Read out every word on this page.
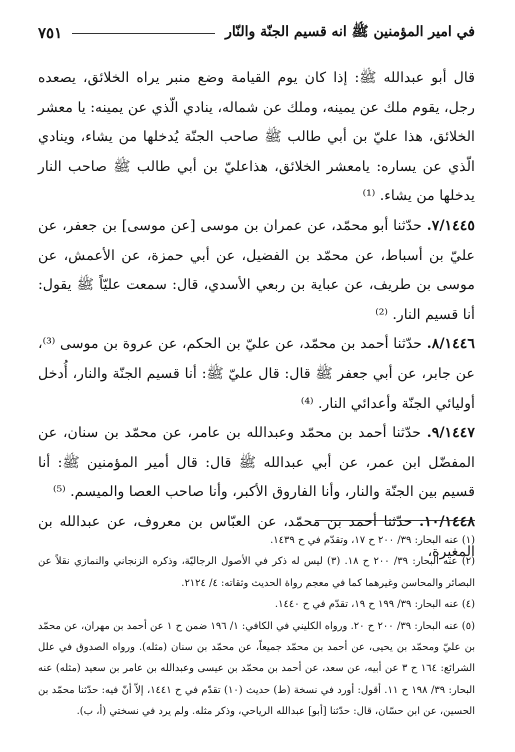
في امير المؤمنين ﷺ انه قسيم الجنّة والنّار
٧٥١

قال أبو عبدالله ﷺ: إذا كان يوم القيامة وضع منبر يراه الخلائق، يصعده رجل، يقوم ملك عن يمينه، وملك عن شماله، ينادي الّذي عن يمينه: يا معشر الخلائق، هذا عليّ بن أبي طالب ﷺ صاحب الجنّة يُدخلها من يشاء، وينادي الّذي عن يساره: يامعشر الخلائق، هذاعليّ بن أبي طالب ﷺ صاحب النار يدخلها من يشاء. ⁽¹⁾

٧/١٤٤٥. حدّثنا أبو محمّد، عن عمران بن موسى [عن موسى] بن جعفر، عن عليّ بن أسباط، عن محمّد بن الفضيل، عن أبي حمزة، عن الأعمش، عن موسى بن طريف، عن عباية بن ربعي الأسدي، قال: سمعت عليّاً ﷺ يقول: أنا قسيم النار. ⁽²⁾

٨/١٤٤٦. حدّثنا أحمد بن محمّد، عن عليّ بن الحكم، عن عروة بن موسى ⁽³⁾، عن جابر، عن أبي جعفر ﷺ قال: قال عليّ ﷺ: أنا قسيم الجنّة والنار، أُدخل أوليائي الجنّة وأعدائي النار. ⁽⁴⁾

٩/١٤٤٧. حدّثنا أحمد بن محمّد وعبدالله بن عامر، عن محمّد بن سنان، عن المفضّل ابن عمر، عن أبي عبدالله ﷺ قال: قال أمير المؤمنين ﷺ: أنا قسيم بين الجنّة والنار، وأنا الفاروق الأكبر، وأنا صاحب العصا والميسم. ⁽⁵⁾

١٠/١٤٤٨. حدّثنا أحمد بن محمّد، عن العبّاس بن معروف، عن عبدالله بن المغيرة،

(١) عنه البحار: ٣٩/ ٢٠٠ ح ١٧، وتقدّم في ح ١٤٣٩.

(٢) عنه البحار: ٣٩/ ٢٠٠ ح ١٨. (٣) ليس له ذكر في الأصول الرجاليّة، وذكره الزنجاني والنمازي نقلاً عن البصائر والمحاسن وغيرهما كما في معجم رواة الحديث وثقاته: ٤/ ٢١٢٤.

(٤) عنه البحار: ٣٩/ ١٩٩ ح ١٩، تقدّم في ح ١٤٤٠.

(٥) عنه البحار: ٣٩/ ٢٠٠ ح ٢٠. ورواه الكليني في الكافي: ١/ ١٩٦ ضمن ح ١ عن أحمد بن مهران، عن محمّد بن عليّ ومحمّد بن يحيى، عن أحمد بن محمّد جميعاً، عن محمّد بن سنان (مثله). ورواه الصدوق في علل الشرائع: ١٦٤ ح ٣ عن أبيه، عن سعد، عن أحمد بن محمّد بن عيسى وعبدالله بن عامر بن سعيد (مثله) عنه البحار: ٣٩/ ١٩٨ ح ١١. أقول: أورد في نسخة (ط) حديث (١٠) تقدّم في ح ١٤٤١، إلاّ أنّ فيه: حدّثنا محمّد بن الحسين، عن ابن حسّان، قال: حدّثنا [أبو] عبدالله الرياحي، وذكر مثله. ولم يرد في نسختي (أ، ب).
